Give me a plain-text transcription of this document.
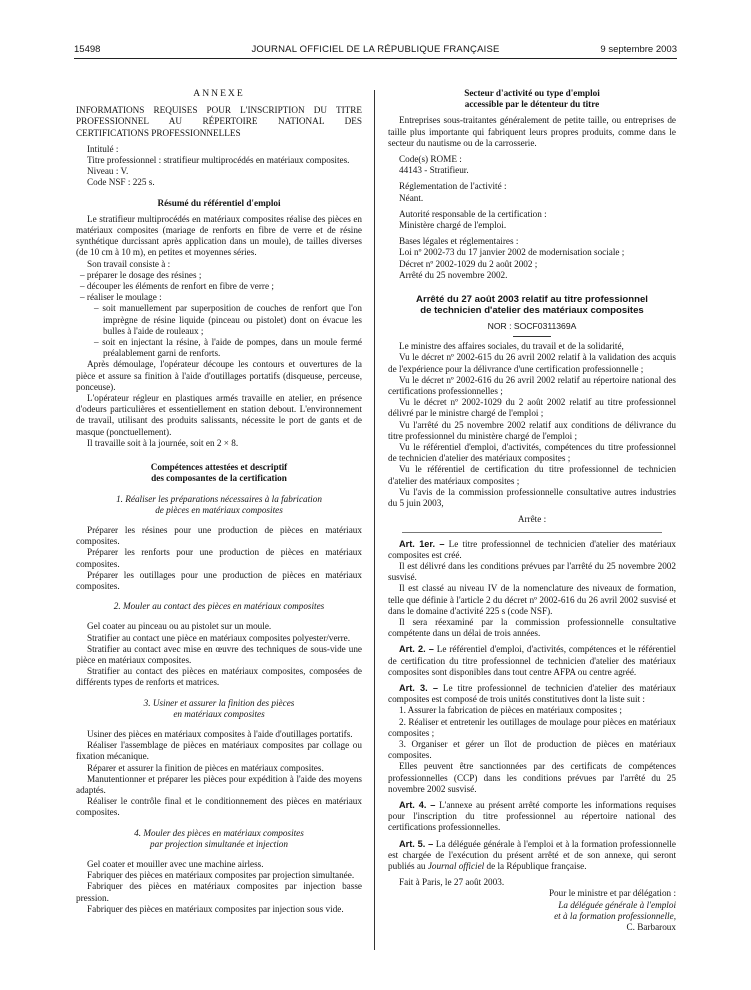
15498	JOURNAL OFFICIEL DE LA RÉPUBLIQUE FRANÇAISE	9 septembre 2003
ANNEXE

INFORMATIONS REQUISES POUR L'INSCRIPTION DU TITRE PROFESSIONNEL AU RÉPERTOIRE NATIONAL DES CERTIFICATIONS PROFESSIONNELLES

Intitulé :

Titre professionnel : stratifieur multiprocédés en matériaux composites.

Niveau : V.

Code NSF : 225 s.

Résumé du référentiel d'emploi

Le stratifieur multiprocédés en matériaux composites réalise des pièces en matériaux composites (mariage de renforts en fibre de verre et de résine synthétique durcissant après application dans un moule), de tailles diverses (de 10 cm à 10 m), en petites et moyennes séries.

Son travail consiste à :

– préparer le dosage des résines ;

– découper les éléments de renfort en fibre de verre ;

– réaliser le moulage :

– soit manuellement par superposition de couches de renfort que l'on imprègne de résine liquide (pinceau ou pistolet) dont on évacue les bulles à l'aide de rouleaux ;

– soit en injectant la résine, à l'aide de pompes, dans un moule fermé préalablement garni de renforts.

Après démoulage, l'opérateur découpe les contours et ouvertures de la pièce et assure sa finition à l'aide d'outillages portatifs (disqueuse, perceuse, ponceuse).

L'opérateur régleur en plastiques armés travaille en atelier, en présence d'odeurs particulières et essentiellement en station debout. L'environnement de travail, utilisant des produits salissants, nécessite le port de gants et de masque (ponctuellement).

Il travaille soit à la journée, soit en 2 × 8.

Compétences attestées et descriptif

des composantes de la certification

1. Réaliser les préparations nécessaires à la fabrication

de pièces en matériaux composites

Préparer les résines pour une production de pièces en matériaux composites.

Préparer les renforts pour une production de pièces en matériaux composites.

Préparer les outillages pour une production de pièces en matériaux composites.

2. Mouler au contact des pièces en matériaux composites

Gel coater au pinceau ou au pistolet sur un moule.

Stratifier au contact une pièce en matériaux composites polyester/verre.

Stratifier au contact avec mise en œuvre des techniques de sous-vide une pièce en matériaux composites.

Stratifier au contact des pièces en matériaux composites, composées de différents types de renforts et matrices.

3. Usiner et assurer la finition des pièces

en matériaux composites

Usiner des pièces en matériaux composites à l'aide d'outillages portatifs.

Réaliser l'assemblage de pièces en matériaux composites par collage ou fixation mécanique.

Réparer et assurer la finition de pièces en matériaux composites.

Manutentionner et préparer les pièces pour expédition à l'aide des moyens adaptés.

Réaliser le contrôle final et le conditionnement des pièces en matériaux composites.

4. Mouler des pièces en matériaux composites

par projection simultanée et injection

Gel coater et mouiller avec une machine airless.

Fabriquer des pièces en matériaux composites par projection simultanée.

Fabriquer des pièces en matériaux composites par injection basse pression.

Fabriquer des pièces en matériaux composites par injection sous vide.

Secteur d'activité ou type d'emploi

accessible par le détenteur du titre

Entreprises sous-traitantes généralement de petite taille, ou entreprises de taille plus importante qui fabriquent leurs propres produits, comme dans le secteur du nautisme ou de la carrosserie.

Code(s) ROME :

44143 - Stratifieur.

Réglementation de l'activité :

Néant.

Autorité responsable de la certification :

Ministère chargé de l'emploi.

Bases légales et réglementaires :

Loi nº 2002-73 du 17 janvier 2002 de modernisation sociale ;

Décret nº 2002-1029 du 2 août 2002 ;

Arrêté du 25 novembre 2002.

Arrêté du 27 août 2003 relatif au titre professionnel

de technicien d'atelier des matériaux composites

NOR : SOCF0311369A

Le ministre des affaires sociales, du travail et de la solidarité,

Vu le décret nº 2002-615 du 26 avril 2002 relatif à la validation des acquis de l'expérience pour la délivrance d'une certification professionnelle ;

Vu le décret nº 2002-616 du 26 avril 2002 relatif au répertoire national des certifications professionnelles ;

Vu le décret nº 2002-1029 du 2 août 2002 relatif au titre professionnel délivré par le ministre chargé de l'emploi ;

Vu l'arrêté du 25 novembre 2002 relatif aux conditions de délivrance du titre professionnel du ministère chargé de l'emploi ;

Vu le référentiel d'emploi, d'activités, compétences du titre professionnel de technicien d'atelier des matériaux composites ;

Vu le référentiel de certification du titre professionnel de technicien d'atelier des matériaux composites ;

Vu l'avis de la commission professionnelle consultative autres industries du 5 juin 2003,

Arrête :

Art. 1er. – Le titre professionnel de technicien d'atelier des matériaux composites est créé.

Il est délivré dans les conditions prévues par l'arrêté du 25 novembre 2002 susvisé.

Il est classé au niveau IV de la nomenclature des niveaux de formation, telle que définie à l'article 2 du décret nº 2002-616 du 26 avril 2002 susvisé et dans le domaine d'activité 225 s (code NSF).

Il sera réexaminé par la commission professionnelle consultative compétente dans un délai de trois années.

Art. 2. – Le référentiel d'emploi, d'activités, compétences et le référentiel de certification du titre professionnel de technicien d'atelier des matériaux composites sont disponibles dans tout centre AFPA ou centre agréé.

Art. 3. – Le titre professionnel de technicien d'atelier des matériaux composites est composé de trois unités constitutives dont la liste suit :

1. Assurer la fabrication de pièces en matériaux composites ;

2. Réaliser et entretenir les outillages de moulage pour pièces en matériaux composites ;

3. Organiser et gérer un îlot de production de pièces en matériaux composites.

Elles peuvent être sanctionnées par des certificats de compétences professionnelles (CCP) dans les conditions prévues par l'arrêté du 25 novembre 2002 susvisé.

Art. 4. – L'annexe au présent arrêté comporte les informations requises pour l'inscription du titre professionnel au répertoire national des certifications professionnelles.

Art. 5. – La déléguée générale à l'emploi et à la formation professionnelle est chargée de l'exécution du présent arrêté et de son annexe, qui seront publiés au Journal officiel de la République française.

Fait à Paris, le 27 août 2003.

Pour le ministre et par délégation :

La déléguée générale à l'emploi

et à la formation professionnelle,

C. Barbaroux
